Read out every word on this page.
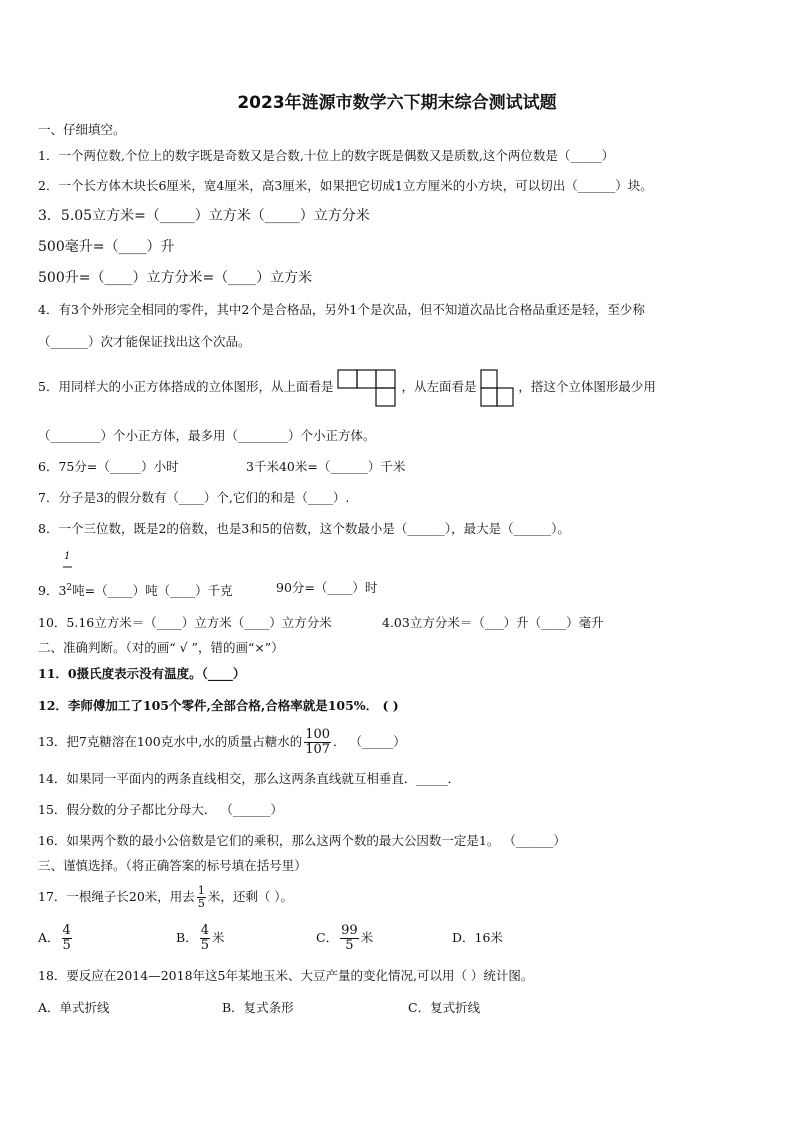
2023年涟源市数学六下期末综合测试试题
一、仔细填空。
1．一个两位数,个位上的数字既是奇数又是合数,十位上的数字既是偶数又是质数,这个两位数是（_____）
2．一个长方体木块长6厘米，宽4厘米，高3厘米，如果把它切成1立方厘米的小方块，可以切出（______）块。
3．5.05立方米=（_____）立方米（_____）立方分米
500毫升=（____）升
500升=（____）立方分米=（____）立方米
4．有3个外形完全相同的零件，其中2个是合格品，另外1个是次品，但不知道次品比合格品重还是轻，至少称
（______）次才能保证找出这个次品。
5．用同样大的小正方体搭成的立体图形，从上面看是	，从左面看是	，搭这个立体图形最少用
（________）个小正方体，最多用（________）个小正方体。
6．75分=（_____）小时	3千米40米=（______）千米
7．分子是3的假分数有（____）个,它们的和是（____）.
8．一个三位数，既是2的倍数，也是3和5的倍数，这个数最小是（______），最大是（______）。
1
9．$3^2$吨=（____）吨（____）千克	90分=（____）时
10．5.16立方米＝（____）立方米（____）立方分米	4.03立方分米＝（___）升（____）毫升
二、准确判断。（对的画“ √ ”，错的画“×”）
11．0摄氏度表示没有温度。（____）
12．李师傅加工了105个零件,全部合格,合格率就是105%． ( )
13．把7克糖溶在100克水中,水的质量占糖水的 $\frac{100}{107}$ ． （_____）
14．如果同一平面内的两条直线相交，那么这两条直线就互相垂直．_____．
15．假分数的分子都比分母大． （______）
16．如果两个数的最小公倍数是它们的乘积，那么这两个数的最大公因数一定是1。 （______）
三、谨慎选择。（将正确答案的标号填在括号里）
17．一根绳子长20米，用去 $\frac{1}{5}$ 米，还剩（ ）。
A． $\frac{4}{5}$	B． $\frac{4}{5}$ 米	C． $\frac{99}{5}$ 米	D．16米
18．要反应在2014—2018年这5年某地玉米、大豆产量的变化情况,可以用（ ）统计图。
A．单式折线	B．复式条形	C．复式折线
